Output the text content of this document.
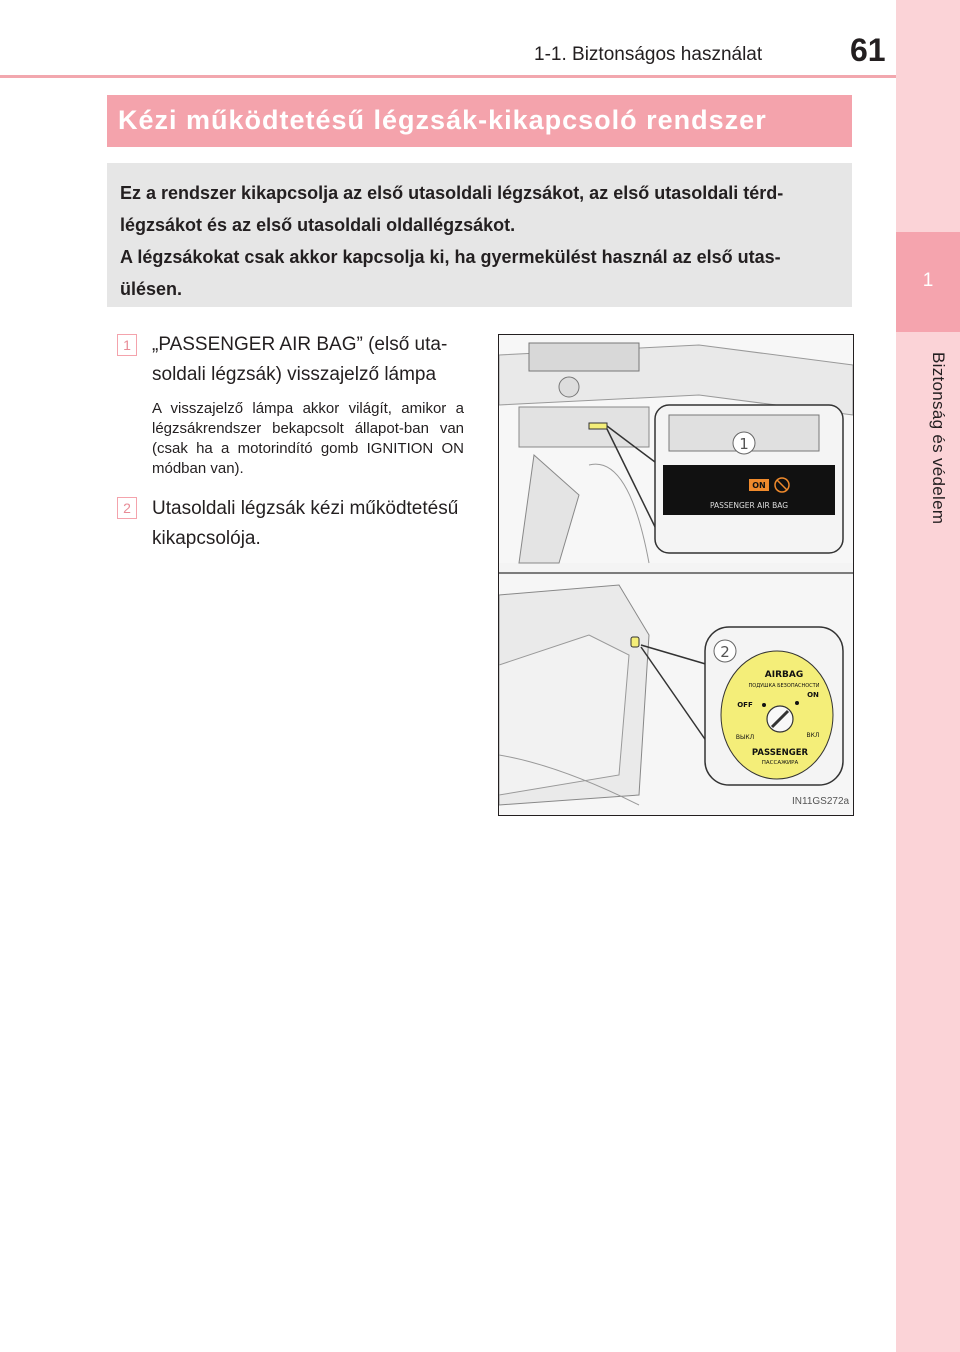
1-1. Biztonságos használat	61
1
Biztonság és védelem
Kézi működtetésű légzsák-kikapcsoló rendszer

Ez a rendszer kikapcsolja az első utasoldali légzsákot, az első utasoldali térd-légzsákot és az első utasoldali oldallégzsákot.

A légzsákokat csak akkor kapcsolja ki, ha gyermekülést használ az első utas-ülésen.

1	„PASSENGER AIR BAG” (első uta-soldali légzsák) visszajelző lámpa
A visszajelző lámpa akkor világít, amikor a légzsákrendszer bekapcsolt állapot-ban van (csak ha a motorindító gomb IGNITION ON módban van).
2	Utasoldali légzsák kézi működtetésű kikapcsolója.
ON
PASSENGER AIR BAG
1
2
AIRBAG
ПОДУШКА БЕЗОПАСНОСТИ
OFF
ON
ВЫКЛ	ВКЛ
PASSENGER
ПАССАЖИРА
IN11GS272a
